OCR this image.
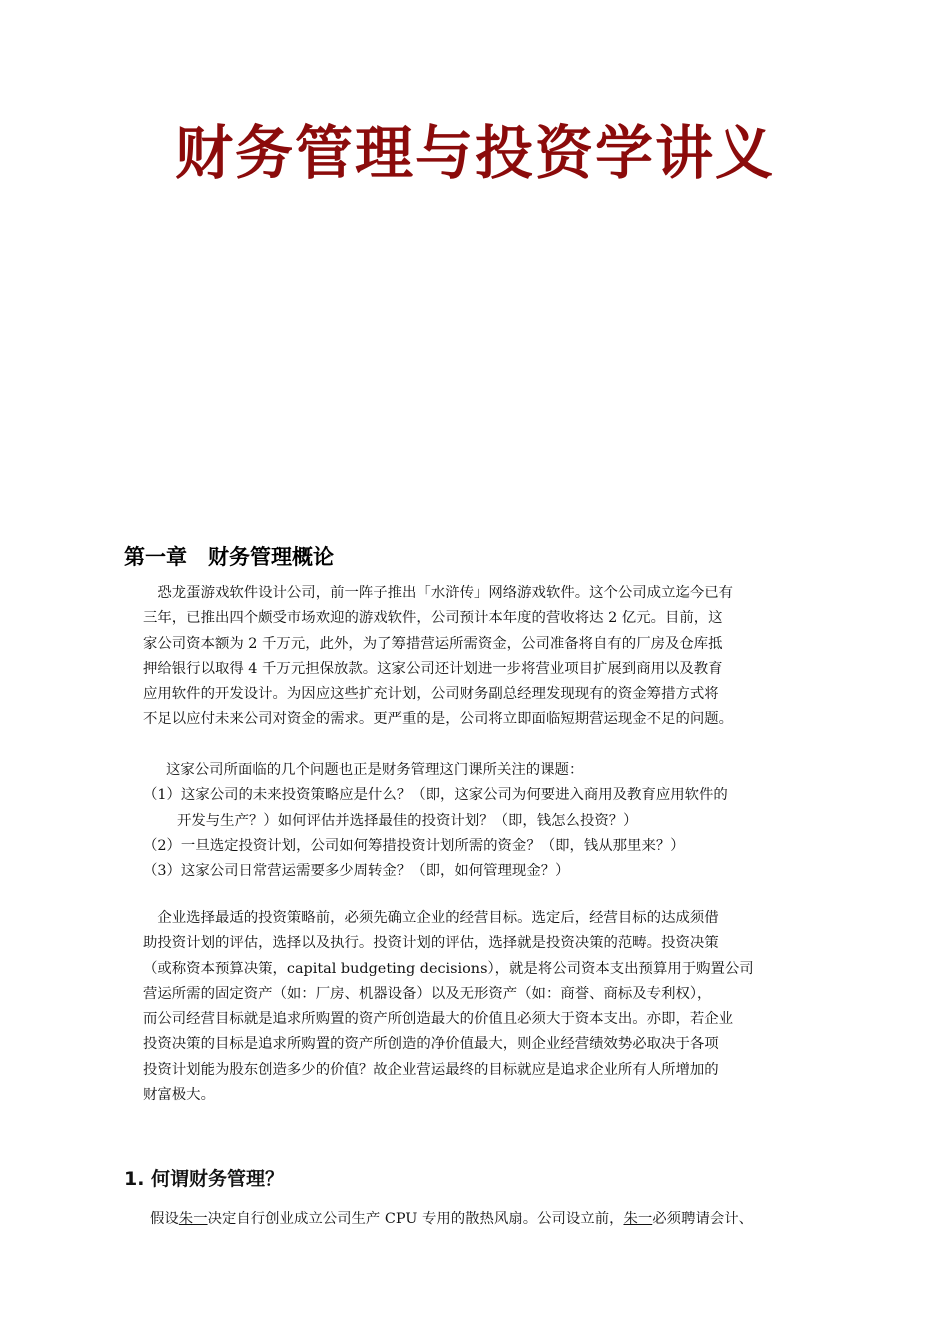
财务管理与投资学讲义
第一章　财务管理概论

　恐龙蛋游戏软件设计公司，前一阵子推出「水浒传」网络游戏软件。这个公司成立迄今已有

三年，已推出四个颇受市场欢迎的游戏软件，公司预计本年度的营收将达 2 亿元。目前，这

家公司资本额为 2 千万元，此外，为了筹措营运所需资金，公司准备将自有的厂房及仓库抵

押给银行以取得 4 千万元担保放款。这家公司还计划进一步将营业项目扩展到商用以及教育

应用软件的开发设计。为因应这些扩充计划，公司财务副总经理发现现有的资金筹措方式将

不足以应付未来公司对资金的需求。更严重的是，公司将立即面临短期营运现金不足的问题。

这家公司所面临的几个问题也正是财务管理这门课所关注的课题：
（1）这家公司的未来投资策略应是什么？（即，这家公司为何要进入商用及教育应用软件的
开发与生产？）如何评估并选择最佳的投资计划？（即，钱怎么投资？）
（2）一旦选定投资计划，公司如何筹措投资计划所需的资金？（即，钱从那里来？）
（3）这家公司日常营运需要多少周转金？（即，如何管理现金？）

　企业选择最适的投资策略前，必须先确立企业的经营目标。选定后，经营目标的达成须借

助投资计划的评估，选择以及执行。投资计划的评估，选择就是投资决策的范畴。投资决策

（或称资本预算决策，capital budgeting decisions），就是将公司资本支出预算用于购置公司

营运所需的固定资产（如：厂房、机器设备）以及无形资产（如：商誉、商标及专利权），

而公司经营目标就是追求所购置的资产所创造最大的价值且必须大于资本支出。亦即，若企业

投资决策的目标是追求所购置的资产所创造的净价值最大，则企业经营绩效势必取决于各项

投资计划能为股东创造多少的价值？故企业营运最终的目标就应是追求企业所有人所增加的

财富极大。

1. 何谓财务管理？

假设朱一决定自行创业成立公司生产 CPU 专用的散热风扇。公司设立前，朱一必须聘请会计、
